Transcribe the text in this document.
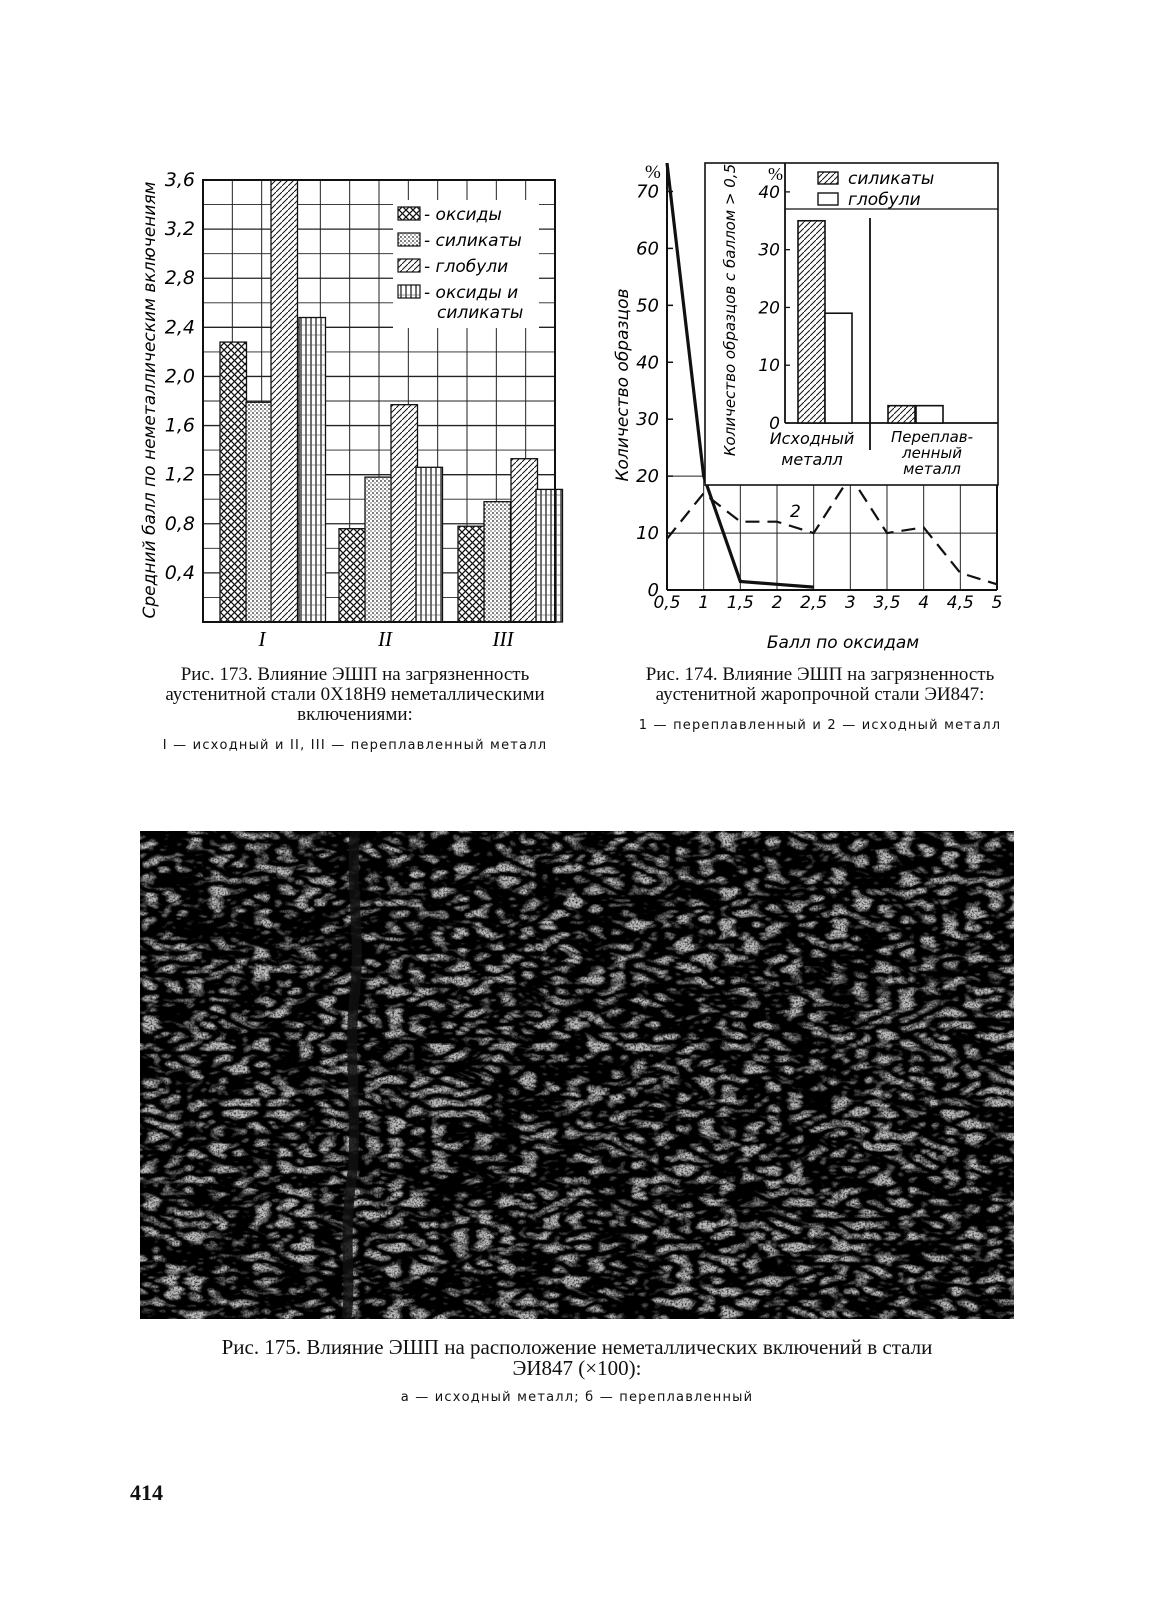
3,6
3,2
2,8
2,4
2,0
1,6
1,2
0,8
0,4
I	II	III
Средний балл по неметаллическим включениям	- оксиды
- силикаты
- глобули
- оксиды и
силикаты
0,5 1 1,5 2 2,5 3 3,5 4 4,5 5
0
10
20
30
40
50
60
70
%
Балл по оксидам
Количество образцов
2
0
10
20
30
40
%
Количество образцов с баллом > 0,5 Исходный
металл
Переплав-
ленный
металл
силикаты
глобули
Рис. 173. Влияние ЭШП на загрязненность аустенитной стали 0Х18Н9 неметаллическими включениями:
I — исходный и II, III — переплавленный металл
Рис. 174. Влияние ЭШП на загрязненность аустенитной жаропрочной стали ЭИ847:
1 — переплавленный и 2 — исходный металл
Рис. 175. Влияние ЭШП на расположение неметаллических включений в стали ЭИ847 (×100):
а — исходный металл; б — переплавленный
414
